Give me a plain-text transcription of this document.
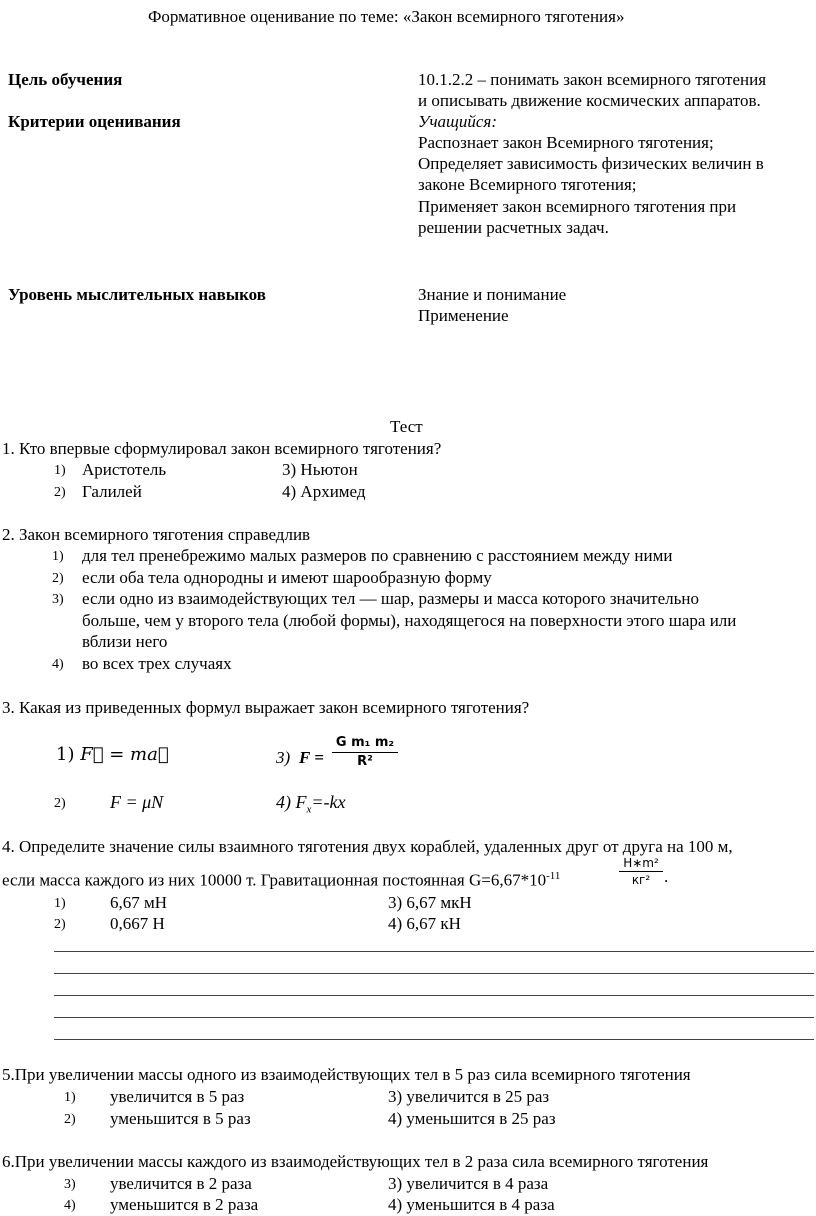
Формативное оценивание по теме: «Закон всемирного тяготения»
Цель обучения	10.1.2.2 – понимать закон всемирного тяготения
и описывать движение космических аппаратов.
Критерии оценивания	Учащийся:
Распознает закон Всемирного тяготения;
Определяет зависимость физических величин в
законе Всемирного тяготения;
Применяет закон всемирного тяготения при
решении расчетных задач.
Уровень мыслительных навыков	Знание и понимание
Применение
Тест
1. Кто впервые сформулировал закон всемирного тяготения?
1) Аристотель	3) Ньютон
2) Галилей	4) Архимед
2. Закон всемирного тяготения справедлив
1) для тел пренебрежимо малых размеров по сравнению с расстоянием между ними
2) если оба тела однородны и имеют шарообразную форму
3) если одно из взаимодействующих тел — шар, размеры и масса которого значительно
больше, чем у второго тела (любой формы), находящегося на поверхности этого шара или
вблизи него
4) во всех трех случаях
3. Какая из приведенных формул выражает закон всемирного тяготения?
1) F⃗ = ma⃗	3) $F = \frac{\text{G m₁ m₂}}{\text{R²}}$
2) F = μN	4) $F_x=-kx$
4. Определите значение силы взаимного тяготения двух кораблей, удаленных друг от друга на 100 м,
если масса каждого из них 10000 т. Гравитационная постоянная $G=6,67*10^{-11}$
Н∗m²
кг² .
1)	6,67 мН	3) 6,67 мкН
2)	0,667 Н	4) 6,67 кН
5.При увеличении массы одного из взаимодействующих тел в 5 раз сила всемирного тяготения
1) увеличится в 5 раз	3) увеличится в 25 раз
2) уменьшится в 5 раз	4) уменьшится в 25 раз
6.При увеличении массы каждого из взаимодействующих тел в 2 раза сила всемирного тяготения
3) увеличится в 2 раза	3) увеличится в 4 раза
4) уменьшится в 2 раза	4) уменьшится в 4 раза
